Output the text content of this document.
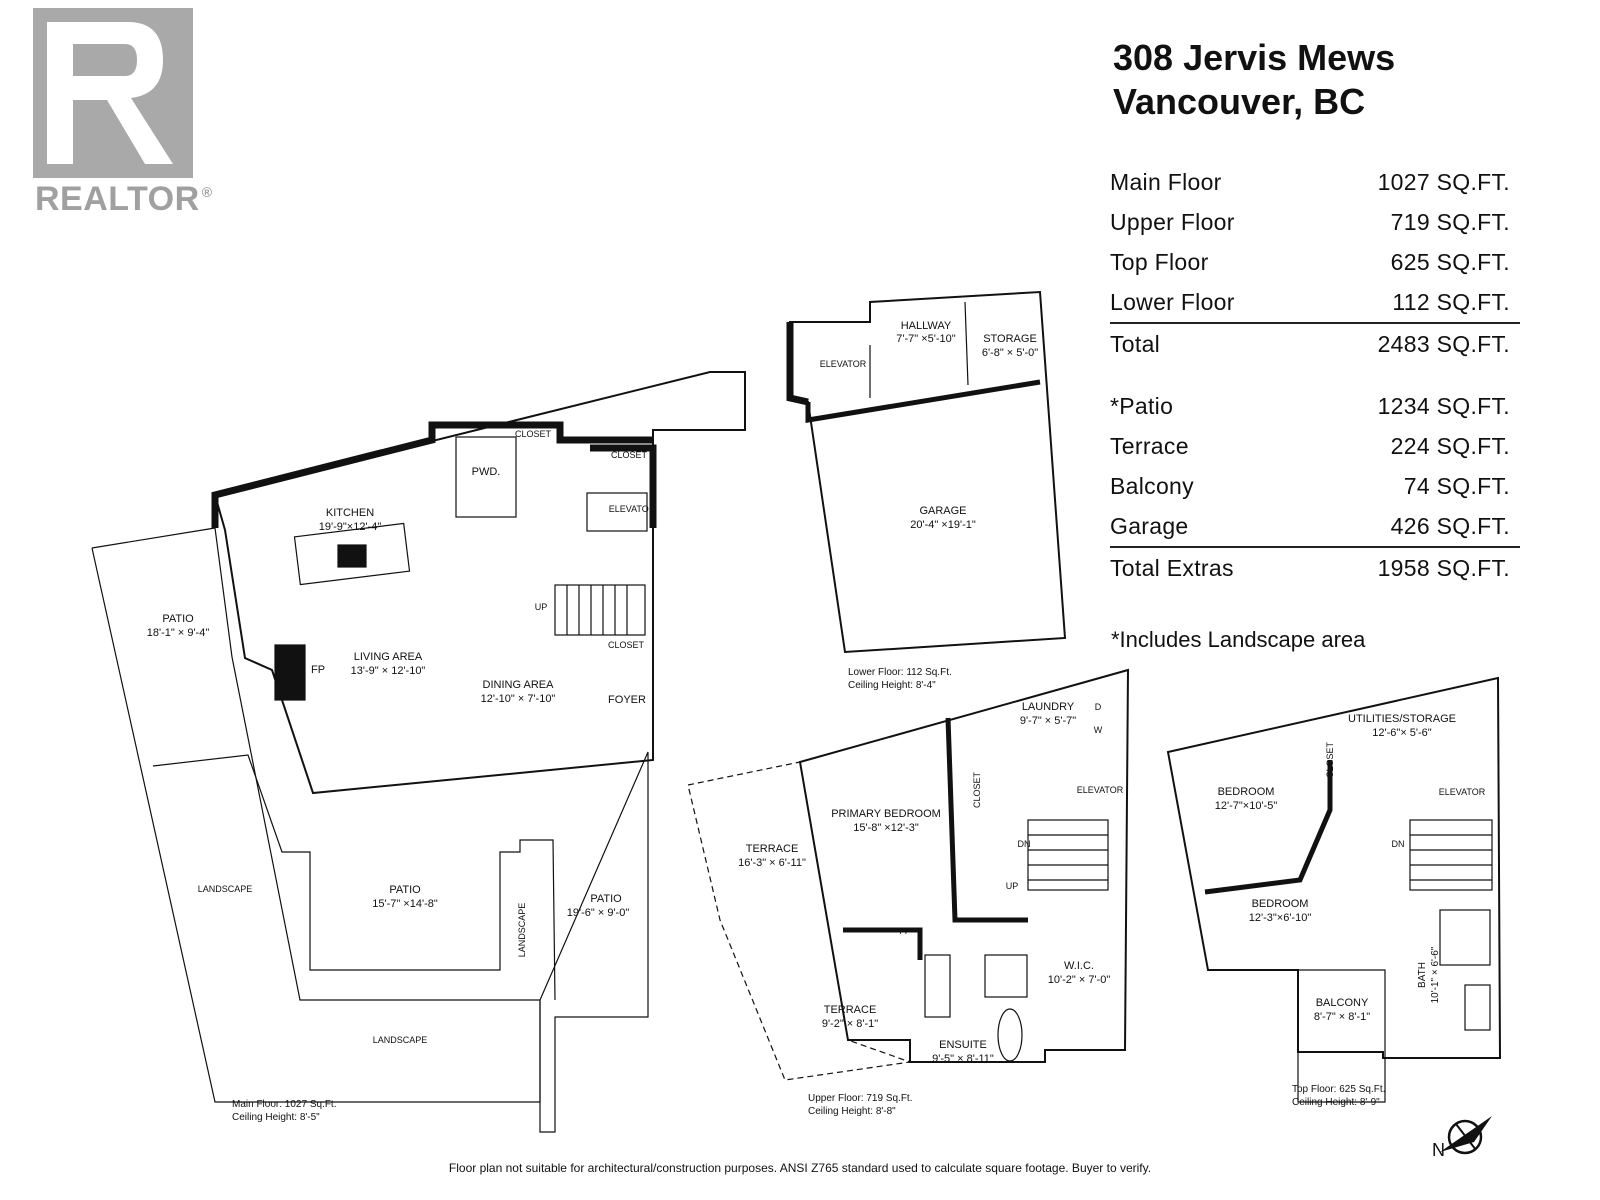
REALTOR ®
308 Jervis Mews
Vancouver, BC
Main Floor	1027 SQ.FT.
Upper Floor	719 SQ.FT.
Top Floor	625 SQ.FT.
Lower Floor	112 SQ.FT.
Total	2483 SQ.FT.
*Patio	1234 SQ.FT.
Terrace	224 SQ.FT.
Balcony	74 SQ.FT.
Garage	426 SQ.FT.
Total Extras	1958 SQ.FT.
*Includes Landscape area
KITCHEN
19'-9"×12'-4"
PWD.
CLOSET
CLOSET
ELEVATOR
CLOSET
UP
PATIO
18'-1" × 9'-4"
LIVING AREA
13'-9" × 12'-10"
FP
DINING AREA
12'-10" × 7'-10"	FOYER
LANDSCAPE	PATIO
15'-7" ×14'-8"	LANDSCAPE
PATIO
19'-6" × 9'-0"
LANDSCAPE
ELEVATOR
HALLWAY
7'-7" ×5'-10"	STORAGE
6'-8" × 5'-0"
GARAGE
20'-4" ×19'-1"
LAUNDRY
9'-7" × 5'-7"
D
W
CLOSET	ELEVATOR
PRIMARY BEDROOM
15'-8" ×12'-3"
DN
UP
TERRACE
16'-3" × 6'-11"
FP
W.I.C.
10'-2" × 7'-0"
TERRACE
9'-2" × 8'-1"
ENSUITE
9'-5" × 8'-11"
UTILITIES/STORAGE
12'-6"× 5'-6"
CLOSET
ELEVATOR
BEDROOM
12'-7"×10'-5"
DN
BEDROOM
12'-3"×6'-10"
BATH 10'-1" × 6'-6"
BALCONY
8'-7" × 8'-1"
Lower Floor: 112 Sq.Ft.
Ceiling Height: 8'-4"
Main Floor: 1027 Sq.Ft.
Ceiling Height: 8'-5"
Upper Floor: 719 Sq.Ft.
Ceiling Height: 8'-8"
Top Floor: 625 Sq.Ft.
Ceiling Height: 8'-9"
N
Floor plan not suitable for architectural/construction purposes. ANSI Z765 standard used to calculate square footage. Buyer to verify.
